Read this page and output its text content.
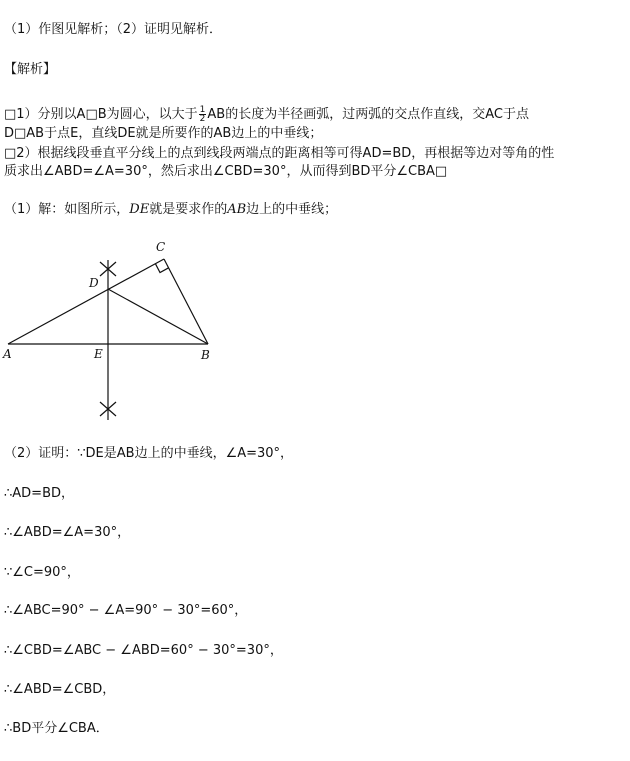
（1）作图见解析；（2）证明见解析．
【解析】
□1）分别以A□B为圆心，以大于 $\frac{1}{2}$ AB的长度为半径画弧，过两弧的交点作直线，交AC于点
D□AB于点E，直线DE就是所要作的AB边上的中垂线；
□2）根据线段垂直平分线上的点到线段两端点的距离相等可得AD=BD，再根据等边对等角的性
质求出∠ABD=∠A=30°，然后求出∠CBD=30°，从而得到BD平分∠CBA□
（1）解：如图所示，DE就是要求作的AB边上的中垂线；
A	B
C
D
E
（2）证明：∵DE是AB边上的中垂线，∠A=30°，
∴AD=BD，
∴∠ABD=∠A=30°，
∵∠C=90°，
∴∠ABC=90° − ∠A=90° − 30°=60°，
∴∠CBD=∠ABC − ∠ABD=60° − 30°=30°，
∴∠ABD=∠CBD，
∴BD平分∠CBA．
